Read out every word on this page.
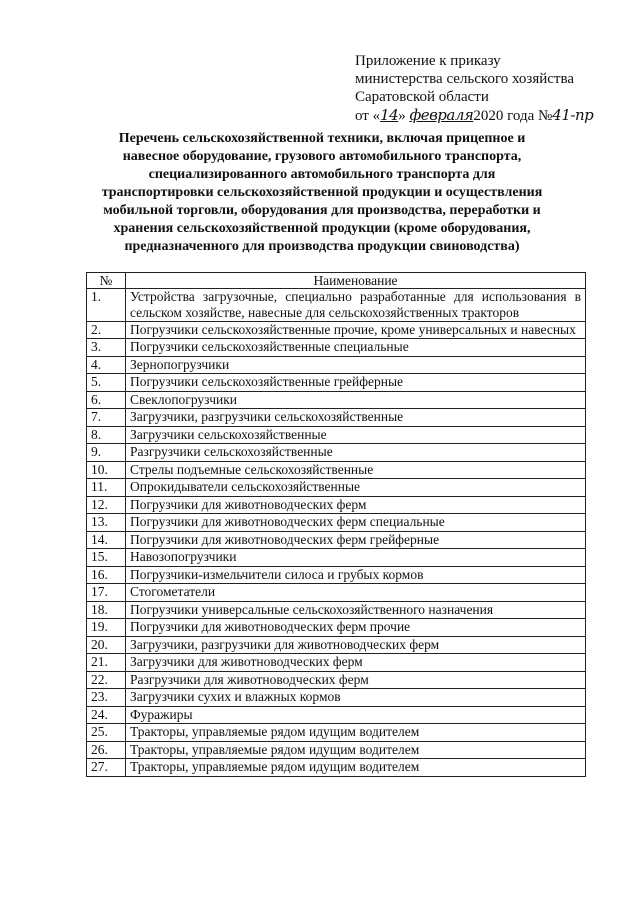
Приложение к приказу
министерства сельского хозяйства
Саратовской области
от «14» февраля2020 года №41-пр
Перечень сельскохозяйственной техники, включая прицепное и
навесное оборудование, грузового автомобильного транспорта,
специализированного автомобильного транспорта для
транспортировки сельскохозяйственной продукции и осуществления
мобильной торговли, оборудования для производства, переработки и
хранения сельскохозяйственной продукции (кроме оборудования,
предназначенного для производства продукции свиноводства)
№	Наименование
1.	Устройства загрузочные, специально разработанные для использования в сельском хозяйстве, навесные для сельскохозяйственных тракторов
2.	Погрузчики сельскохозяйственные прочие, кроме универсальных и навесных
3.	Погрузчики сельскохозяйственные специальные
4.	Зернопогрузчики
5.	Погрузчики сельскохозяйственные грейферные
6.	Свеклопогрузчики
7.	Загрузчики, разгрузчики сельскохозяйственные
8.	Загрузчики сельскохозяйственные
9.	Разгрузчики сельскохозяйственные
10.	Стрелы подъемные сельскохозяйственные
11.	Опрокидыватели сельскохозяйственные
12.	Погрузчики для животноводческих ферм
13.	Погрузчики для животноводческих ферм специальные
14.	Погрузчики для животноводческих ферм грейферные
15.	Навозопогрузчики
16.	Погрузчики-измельчители силоса и грубых кормов
17.	Стогометатели
18.	Погрузчики универсальные сельскохозяйственного назначения
19.	Погрузчики для животноводческих ферм прочие
20.	Загрузчики, разгрузчики для животноводческих ферм
21.	Загрузчики для животноводческих ферм
22.	Разгрузчики для животноводческих ферм
23.	Загрузчики сухих и влажных кормов
24.	Фуражиры
25.	Тракторы, управляемые рядом идущим водителем
26.	Тракторы, управляемые рядом идущим водителем
27.	Тракторы, управляемые рядом идущим водителем
